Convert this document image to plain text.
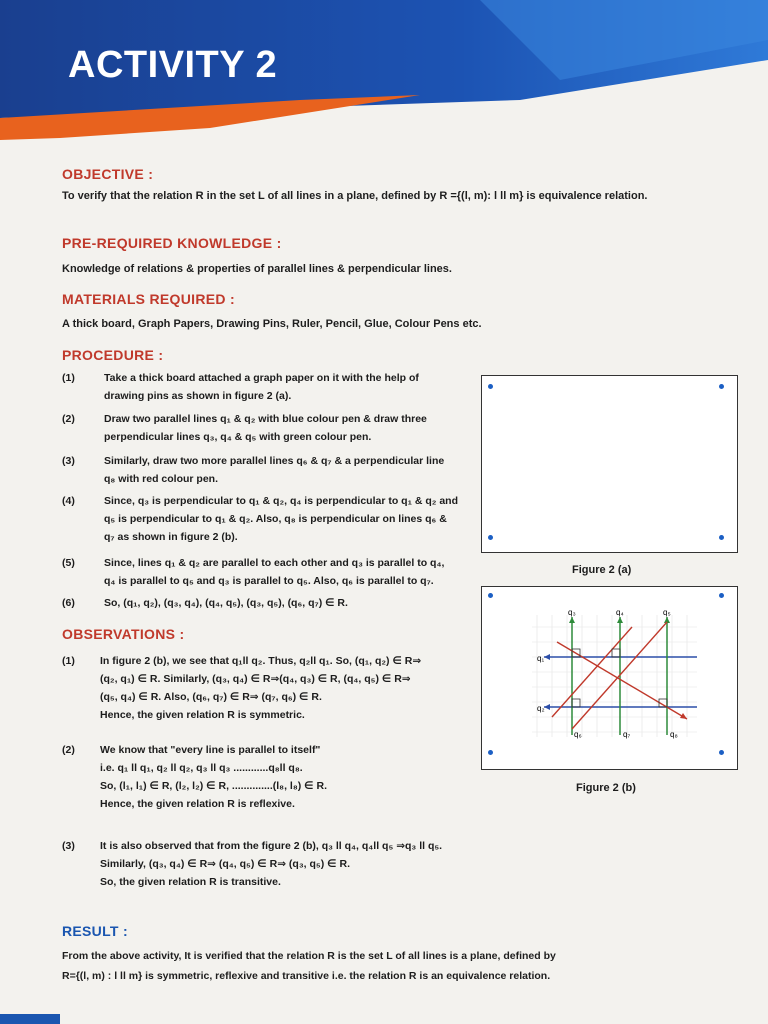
ACTIVITY 2
OBJECTIVE :
To verify that the relation R in the set L of all lines in a plane, defined by R ={(l, m): l ll m} is equivalence relation.
PRE-REQUIRED KNOWLEDGE :
Knowledge of relations & properties of parallel lines & perpendicular lines.
MATERIALS REQUIRED :
A thick board, Graph Papers, Drawing Pins, Ruler, Pencil, Glue, Colour Pens etc.
PROCEDURE :
(1)	Take a thick board attached a graph paper on it with the help of
drawing pins as shown in figure 2 (a).
(2)	Draw two parallel lines q₁ & q₂ with blue colour pen & draw three
perpendicular lines q₃, q₄ & q₅ with green colour pen.
(3)	Similarly, draw two more parallel lines q₆ & q₇ & a perpendicular line
q₈ with red colour pen.
(4)	Since, q₃ is perpendicular to q₁ & q₂, q₄ is perpendicular to q₁ & q₂ and
q₅ is perpendicular to q₁ & q₂. Also, q₈ is perpendicular on lines q₆ &
q₇ as shown in figure 2 (b).
(5)	Since, lines q₁ & q₂ are parallel to each other and q₃ is parallel to q₄,
q₄ is parallel to q₅ and q₃ is parallel to q₅. Also, q₆ is parallel to q₇.
(6)	So, (q₁, q₂), (q₃, q₄), (q₄, q₅), (q₃, q₅), (q₆, q₇) ∈ R.
Figure 2 (a)
q₁
q₂
q₃	q₄	q₅
q₆	q₇	q₈
Figure 2 (b)
OBSERVATIONS :
(1)	In figure 2 (b), we see that q₁ll q₂. Thus, q₂ll q₁. So, (q₁, q₂) ∈ R⇒
(q₂, q₁) ∈ R. Similarly, (q₃, q₄) ∈ R⇒(q₄, q₃) ∈ R, (q₄, q₅) ∈ R⇒
(q₅, q₄) ∈ R. Also, (q₆, q₇) ∈ R⇒ (q₇, q₆) ∈ R.
Hence, the given relation R is symmetric.
(2)	We know that "every line is parallel to itself"
i.e. q₁ ll q₁, q₂ ll q₂, q₃ ll q₃ ............q₈ll q₈.
So, (l₁, l₁) ∈ R, (l₂, l₂) ∈ R, ..............(l₈, l₈) ∈ R.
Hence, the given relation R is reflexive.
(3)	It is also observed that from the figure 2 (b), q₃ ll q₄, q₄ll q₅ ⇒q₃ ll q₅.
Similarly, (q₃, q₄) ∈ R⇒ (q₄, q₅) ∈ R⇒ (q₃, q₅) ∈ R.
So, the given relation R is transitive.
RESULT :
From the above activity, It is verified that the relation R is the set L of all lines is a plane, defined by
R={(l, m) : l ll m} is symmetric, reflexive and transitive i.e. the relation R is an equivalence relation.
